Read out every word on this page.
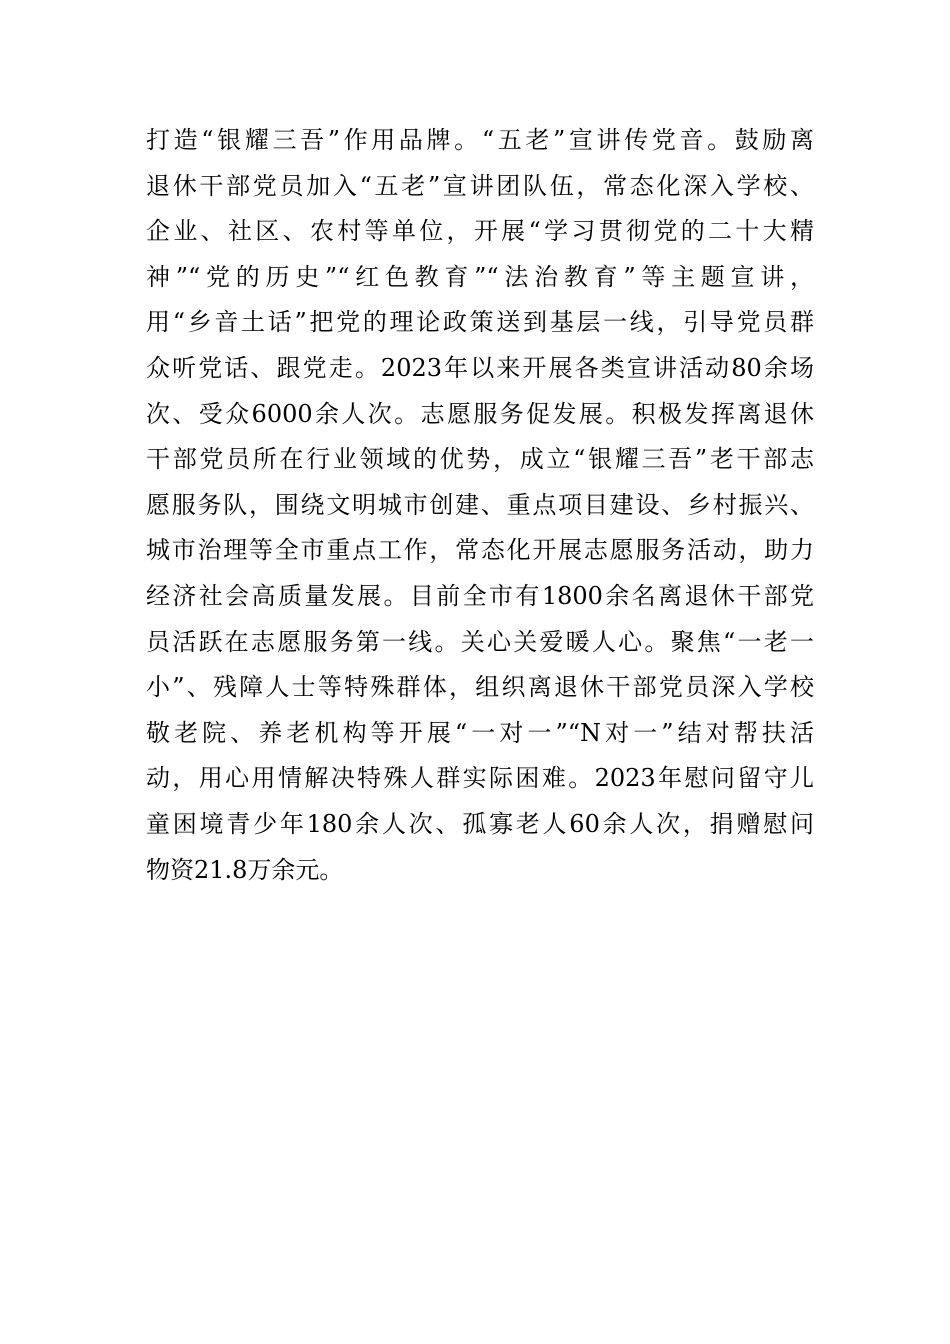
打造“银耀三吾”作用品牌。“五老”宣讲传党音。鼓励离
退休干部党员加入“五老”宣讲团队伍，常态化深入学校、
企业、社区、农村等单位，开展“学习贯彻党的二十大精
神”“党的历史”“红色教育”“法治教育”等主题宣讲，
用“乡音土话”把党的理论政策送到基层一线，引导党员群
众听党话、跟党走。2023年以来开展各类宣讲活动80余场
次、受众6000余人次。志愿服务促发展。积极发挥离退休
干部党员所在行业领域的优势，成立“银耀三吾”老干部志
愿服务队，围绕文明城市创建、重点项目建设、乡村振兴、
城市治理等全市重点工作，常态化开展志愿服务活动，助力
经济社会高质量发展。目前全市有1800余名离退休干部党
员活跃在志愿服务第一线。关心关爱暖人心。聚焦“一老一
小”、残障人士等特殊群体，组织离退休干部党员深入学校
敬老院、养老机构等开展“一对一”“N对一”结对帮扶活
动，用心用情解决特殊人群实际困难。2023年慰问留守儿
童困境青少年180余人次、孤寡老人60余人次，捐赠慰问
物资21.8万余元。
